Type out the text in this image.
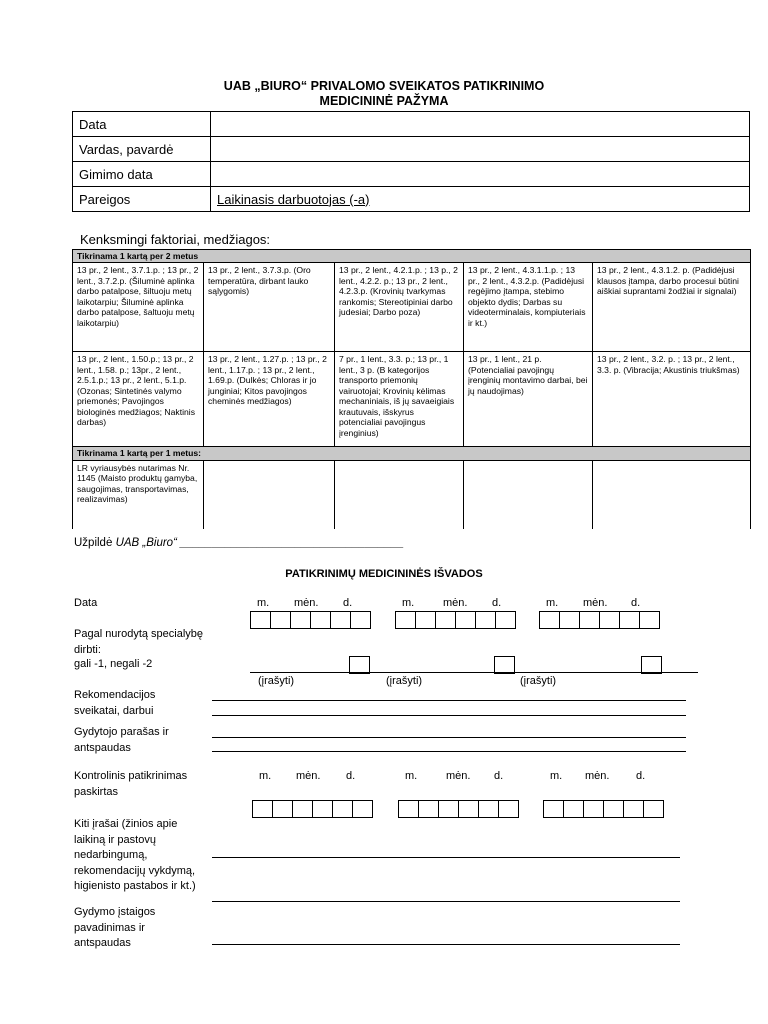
UAB „BIURO“ PRIVALOMO SVEIKATOS PATIKRINIMO
MEDICININĖ PAŽYMA
Data	
Vardas, pavardė	
Gimimo data	
Pareigos	Laikinasis darbuotojas (-a)
Kenksmingi faktoriai, medžiagos:
Tikrinama 1 kartą per 2 metus				
13 pr., 2 lent., 3.7.1.p. ; 13 pr., 2 lent., 3.7.2.p. (Šiluminė aplinka darbo patalpose, šiltuoju metų laikotarpiu; Šiluminė aplinka darbo patalpose, šaltuoju metų laikotarpiu)	13 pr., 2 lent., 3.7.3.p. (Oro temperatūra, dirbant lauko sąlygomis)	13 pr., 2 lent., 4.2.1.p. ; 13 p., 2 lent., 4.2.2. p.; 13 pr., 2 lent., 4.2.3.p. (Krovinių tvarkymas rankomis; Stereotipiniai darbo judesiai; Darbo poza)	13 pr., 2 lent., 4.3.1.1.p. ; 13 pr., 2 lent., 4.3.2.p. (Padidėjusi regėjimo įtampa, stebimo objekto dydis; Darbas su videoterminalais, kompiuteriais ir kt.)	13 pr., 2 lent., 4.3.1.2. p. (Padidėjusi klausos įtampa, darbo procesui būtini aiškiai suprantami žodžiai ir signalai)
13 pr., 2 lent., 1.50.p.; 13 pr., 2 lent., 1.58. p.; 13pr., 2 lent., 2.5.1.p.; 13 pr., 2 lent., 5.1.p. (Ozonas; Sintetinės valymo priemonės; Pavojingos biologinės medžiagos; Naktinis darbas)	13 pr., 2 lent., 1.27.p. ; 13 pr., 2 lent., 1.17.p. ; 13 pr., 2 lent., 1.69.p. (Dulkės; Chloras ir jo junginiai; Kitos pavojingos cheminės medžiagos)	7 pr., 1 lent., 3.3. p.; 13 pr., 1 lent., 3 p. (B kategorijos transporto priemonių vairuotojai; Krovinių kėlimas mechaniniais, iš jų savaeigiais krautuvais, išskyrus potencialiai pavojingus įrenginius)	13 pr., 1 lent., 21 p. (Potencialiai pavojingų įrenginių montavimo darbai, bei jų naudojimas)	13 pr., 2 lent., 3.2. p. ; 13 pr., 2 lent., 3.3. p. (Vibracija; Akustinis triukšmas)
Tikrinama 1 kartą per 1 metus:				
LR vyriausybės nutarimas Nr. 1145 (Maisto produktų gamyba, saugojimas, transportavimas, realizavimas)				
Užpildė UAB „Biuro“ ___________________________________
PATIKRINIMŲ MEDICININĖS IŠVADOS
Data	m. mėn. d.	m.	mėn. d.	m. mėn. d.
Pagal nurodytą specialybę dirbti:
gali -1, negali -2
(įrašyti)	(įrašyti)	(įrašyti)
Rekomendacijos sveikatai, darbui
Gydytojo parašas ir antspaudas
Kontrolinis patikrinimas paskirtas
m. mėn. d.	m.	mėn. d.	m. mėn. d.
Kiti įrašai (žinios apie laikiną ir pastovų nedarbingumą, rekomendacijų vykdymą, higienisto pastabos ir kt.)
Gydymo įstaigos pavadinimas ir antspaudas
